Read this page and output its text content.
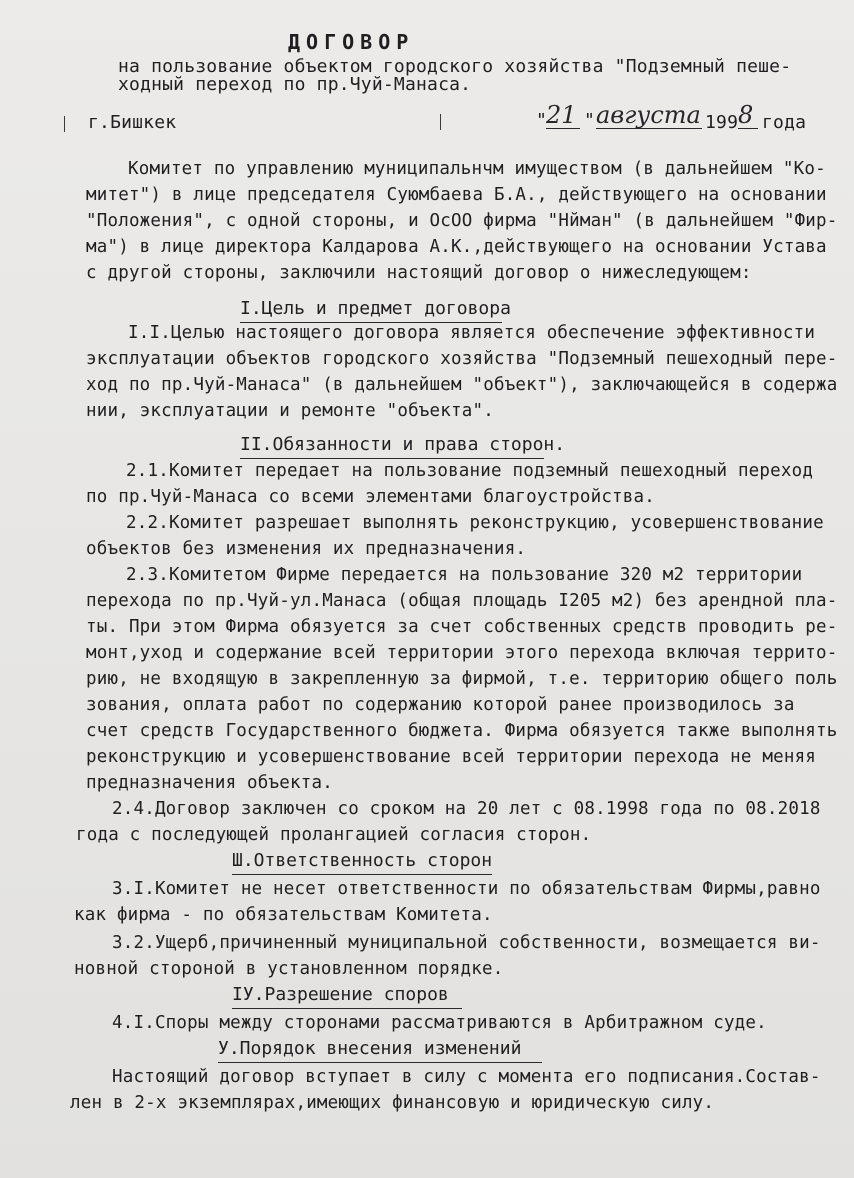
ДОГОВОР
на пользование объектом городского хозяйства "Подземный пеше-
ходный переход по пр.Чуй-Манаса.
г.Бишкек	"
21 " августа 199 8 года
Комитет по управлению муниципальнчм имуществом (в дальнейшем "Ко-
митет") в лице председателя Суюмбаева Б.А., действующего на основании
"Положения", с одной стороны, и ОсОО фирма "Нйман" (в дальнейшем "Фир-
ма") в лице директора Калдарова А.К.,действующего на основании Устава
с другой стороны, заключили настоящий договор о нижеследующем:
I.Цель и предмет договора
I.I.Целью настоящего договора является обеспечение эффективности
эксплуатации объектов городского хозяйства "Подземный пешеходный пере-
ход по пр.Чуй-Манаса" (в дальнейшем "объект"), заключающейся в содержа
нии, эксплуатации и ремонте "объекта".
II.Обязанности и права сторон.
2.1.Комитет передает на пользование подземный пешеходный переход
по пр.Чуй-Манаса со всеми элементами благоустройства.
2.2.Комитет разрешает выполнять реконструкцию, усовершенствование
объектов без изменения их предназначения.
2.3.Комитетом Фирме передается на пользование 320 м2 территории
перехода по пр.Чуй-ул.Манаса (общая площадь I205 м2) без арендной пла-
ты. При этом Фирма обязуется за счет собственных средств проводить ре-
монт,уход и содержание всей территории этого перехода включая террито-
рию, не входящую в закрепленную за фирмой, т.е. территорию общего поль
зования, оплата работ по содержанию которой ранее производилось за
счет средств Государственного бюджета. Фирма обязуется также выполнять
реконструкцию и усовершенствование всей территории перехода не меняя
предназначения объекта.
2.4.Договор заключен со сроком на 20 лет с 08.1998 года по 08.2018
года с последующей пролангацией согласия сторон.
Ш.Ответственность сторон
3.I.Комитет не несет ответственности по обязательствам Фирмы,равно
как фирма - по обязательствам Комитета.
3.2.Ущерб,причиненный муниципальной собственности, возмещается ви-
новной стороной в установленном порядке.
IУ.Разрешение споров
4.I.Споры между сторонами рассматриваются в Арбитражном суде.
У.Порядок внесения изменений
Настоящий договор вступает в силу с момента его подписания.Состав-
лен в 2-х экземплярах,имеющих финансовую и юридическую силу.
